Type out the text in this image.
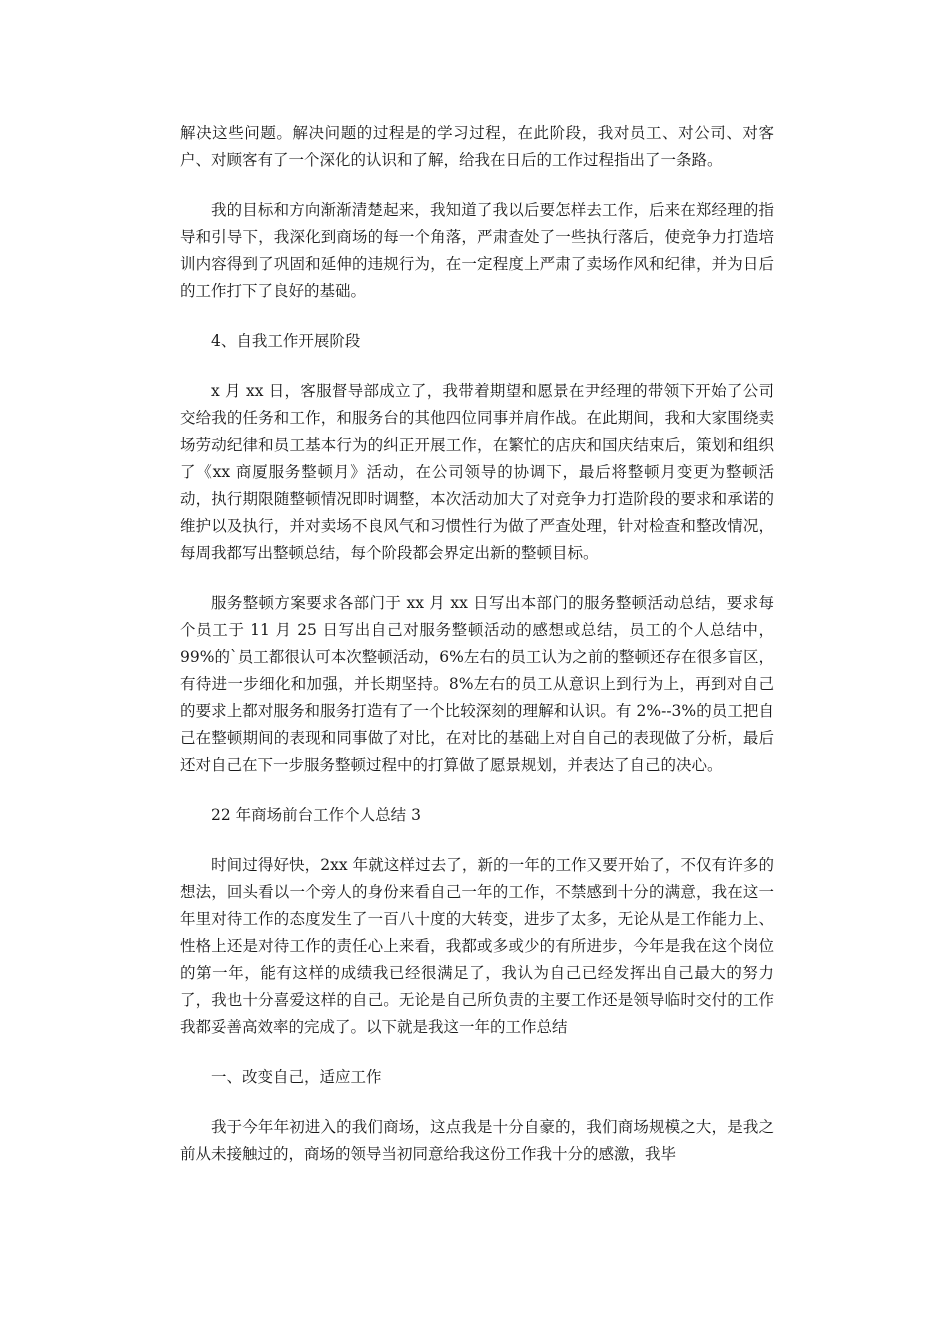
解决这些问题。解决问题的过程是的学习过程，在此阶段，我对员工、对公司、对客户、对顾客有了一个深化的认识和了解，给我在日后的工作过程指出了一条路。

我的目标和方向渐渐清楚起来，我知道了我以后要怎样去工作，后来在郑经理的指导和引导下，我深化到商场的每一个角落，严肃查处了一些执行落后，使竞争力打造培训内容得到了巩固和延伸的违规行为，在一定程度上严肃了卖场作风和纪律，并为日后的工作打下了良好的基础。

4、自我工作开展阶段

x 月 xx 日，客服督导部成立了，我带着期望和愿景在尹经理的带领下开始了公司交给我的任务和工作，和服务台的其他四位同事并肩作战。在此期间，我和大家围绕卖场劳动纪律和员工基本行为的纠正开展工作，在繁忙的店庆和国庆结束后，策划和组织了《xx 商厦服务整顿月》活动，在公司领导的协调下，最后将整顿月变更为整顿活动，执行期限随整顿情况即时调整，本次活动加大了对竞争力打造阶段的要求和承诺的维护以及执行，并对卖场不良风气和习惯性行为做了严查处理，针对检查和整改情况，每周我都写出整顿总结，每个阶段都会界定出新的整顿目标。

服务整顿方案要求各部门于 xx 月 xx 日写出本部门的服务整顿活动总结，要求每个员工于 11 月 25 日写出自己对服务整顿活动的感想或总结，员工的个人总结中，99%的`员工都很认可本次整顿活动，6%左右的员工认为之前的整顿还存在很多盲区，有待进一步细化和加强，并长期坚持。8%左右的员工从意识上到行为上，再到对自己的要求上都对服务和服务打造有了一个比较深刻的理解和认识。有 2%--3%的员工把自己在整顿期间的表现和同事做了对比，在对比的基础上对自自己的表现做了分析，最后还对自己在下一步服务整顿过程中的打算做了愿景规划，并表达了自己的决心。

22 年商场前台工作个人总结 3

时间过得好快，2xx 年就这样过去了，新的一年的工作又要开始了，不仅有许多的想法，回头看以一个旁人的身份来看自己一年的工作，不禁感到十分的满意，我在这一年里对待工作的态度发生了一百八十度的大转变，进步了太多，无论从是工作能力上、性格上还是对待工作的责任心上来看，我都或多或少的有所进步，今年是我在这个岗位的第一年，能有这样的成绩我已经很满足了，我认为自己已经发挥出自己最大的努力了，我也十分喜爱这样的自己。无论是自己所负责的主要工作还是领导临时交付的工作我都妥善高效率的完成了。以下就是我这一年的工作总结

一、改变自己，适应工作

我于今年年初进入的我们商场，这点我是十分自豪的，我们商场规模之大，是我之前从未接触过的，商场的领导当初同意给我这份工作我十分的感激，我毕
